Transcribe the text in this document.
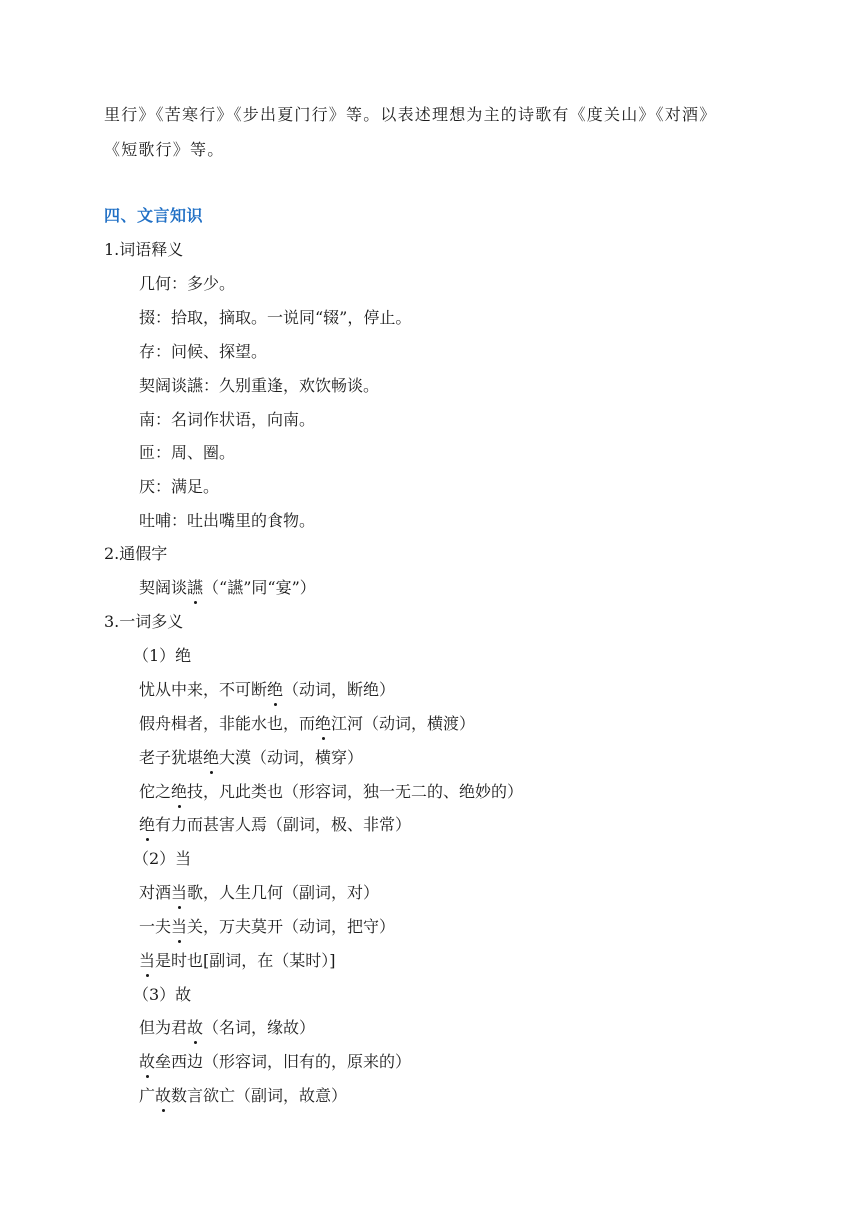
里行》《苦寒行》《步出夏门行》等。以表述理想为主的诗歌有《度关山》《对酒》
《短歌行》等。
四、文言知识
1.词语释义
几何：多少。
掇：拾取，摘取。一说同“辍”，停止。
存：问候、探望。
契阔谈讌：久别重逢，欢饮畅谈。
南：名词作状语，向南。
匝：周、圈。
厌：满足。
吐哺：吐出嘴里的食物。
2.通假字
契阔谈讌（“讌”同“宴”）
3.一词多义
（1）绝
忧从中来，不可断绝（动词，断绝）
假舟楫者，非能水也，而绝江河（动词，横渡）
老子犹堪绝大漠（动词，横穿）
佗之绝技，凡此类也（形容词，独一无二的、绝妙的）
绝有力而甚害人焉（副词，极、非常）
（2）当
对酒当歌，人生几何（副词，对）
一夫当关，万夫莫开（动词，把守）
当是时也[副词，在（某时）]
（3）故
但为君故（名词，缘故）
故垒西边（形容词，旧有的，原来的）
广故数言欲亡（副词，故意）
